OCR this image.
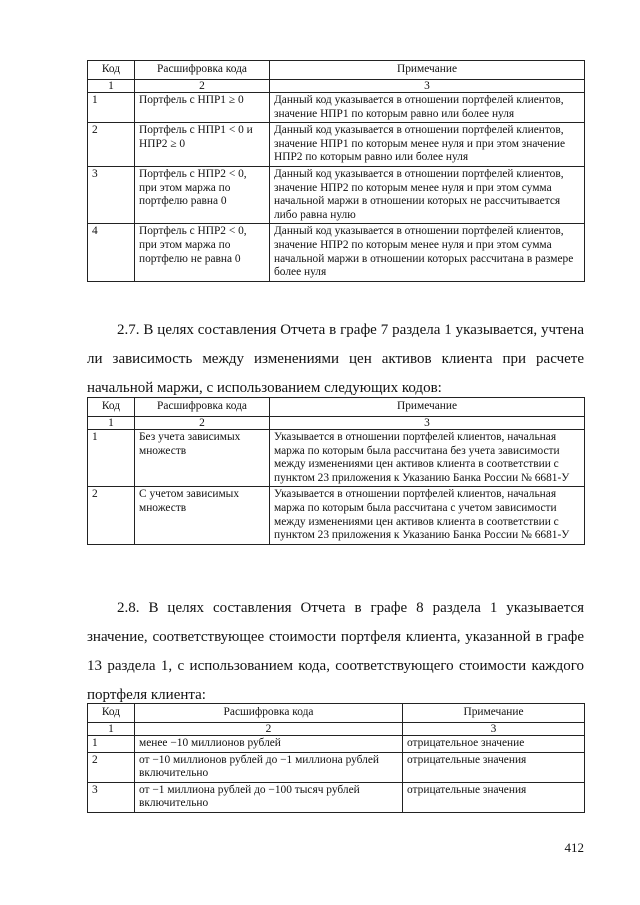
Код	Расшифровка кода	Примечание
1	2	3
1	Портфель с НПР1 ≥ 0	Данный код указывается в отношении портфелей клиентов, значение НПР1 по которым равно или более нуля
2	Портфель с НПР1 < 0 и НПР2 ≥ 0	Данный код указывается в отношении портфелей клиентов, значение НПР1 по которым менее нуля и при этом значение НПР2 по которым равно или более нуля
3	Портфель с НПР2 < 0, при этом маржа по портфелю равна 0	Данный код указывается в отношении портфелей клиентов, значение НПР2 по которым менее нуля и при этом сумма начальной маржи в отношении которых не рассчитывается либо равна нулю
4	Портфель с НПР2 < 0, при этом маржа по портфелю не равна 0	Данный код указывается в отношении портфелей клиентов, значение НПР2 по которым менее нуля и при этом сумма начальной маржи в отношении которых рассчитана в размере более нуля

2.7. В целях составления Отчета в графе 7 раздела 1 указывается, учтена ли зависимость между изменениями цен активов клиента при расчете начальной маржи, с использованием следующих кодов:

Код	Расшифровка кода	Примечание
1	2	3
1	Без учета зависимых множеств	Указывается в отношении портфелей клиентов, начальная маржа по которым была рассчитана без учета зависимости между изменениями цен активов клиента в соответствии с пунктом 23 приложения к Указанию Банка России № 6681-У
2	С учетом зависимых множеств	Указывается в отношении портфелей клиентов, начальная маржа по которым была рассчитана с учетом зависимости между изменениями цен активов клиента в соответствии с пунктом 23 приложения к Указанию Банка России № 6681-У

2.8. В целях составления Отчета в графе 8 раздела 1 указывается значение, соответствующее стоимости портфеля клиента, указанной в графе 13 раздела 1, с использованием кода, соответствующего стоимости каждого портфеля клиента:

Код	Расшифровка кода	Примечание
1	2	3
1	менее −10 миллионов рублей	отрицательное значение
2	от −10 миллионов рублей до −1 миллиона рублей включительно	отрицательные значения
3	от −1 миллиона рублей до −100 тысяч рублей включительно	отрицательные значения
412
